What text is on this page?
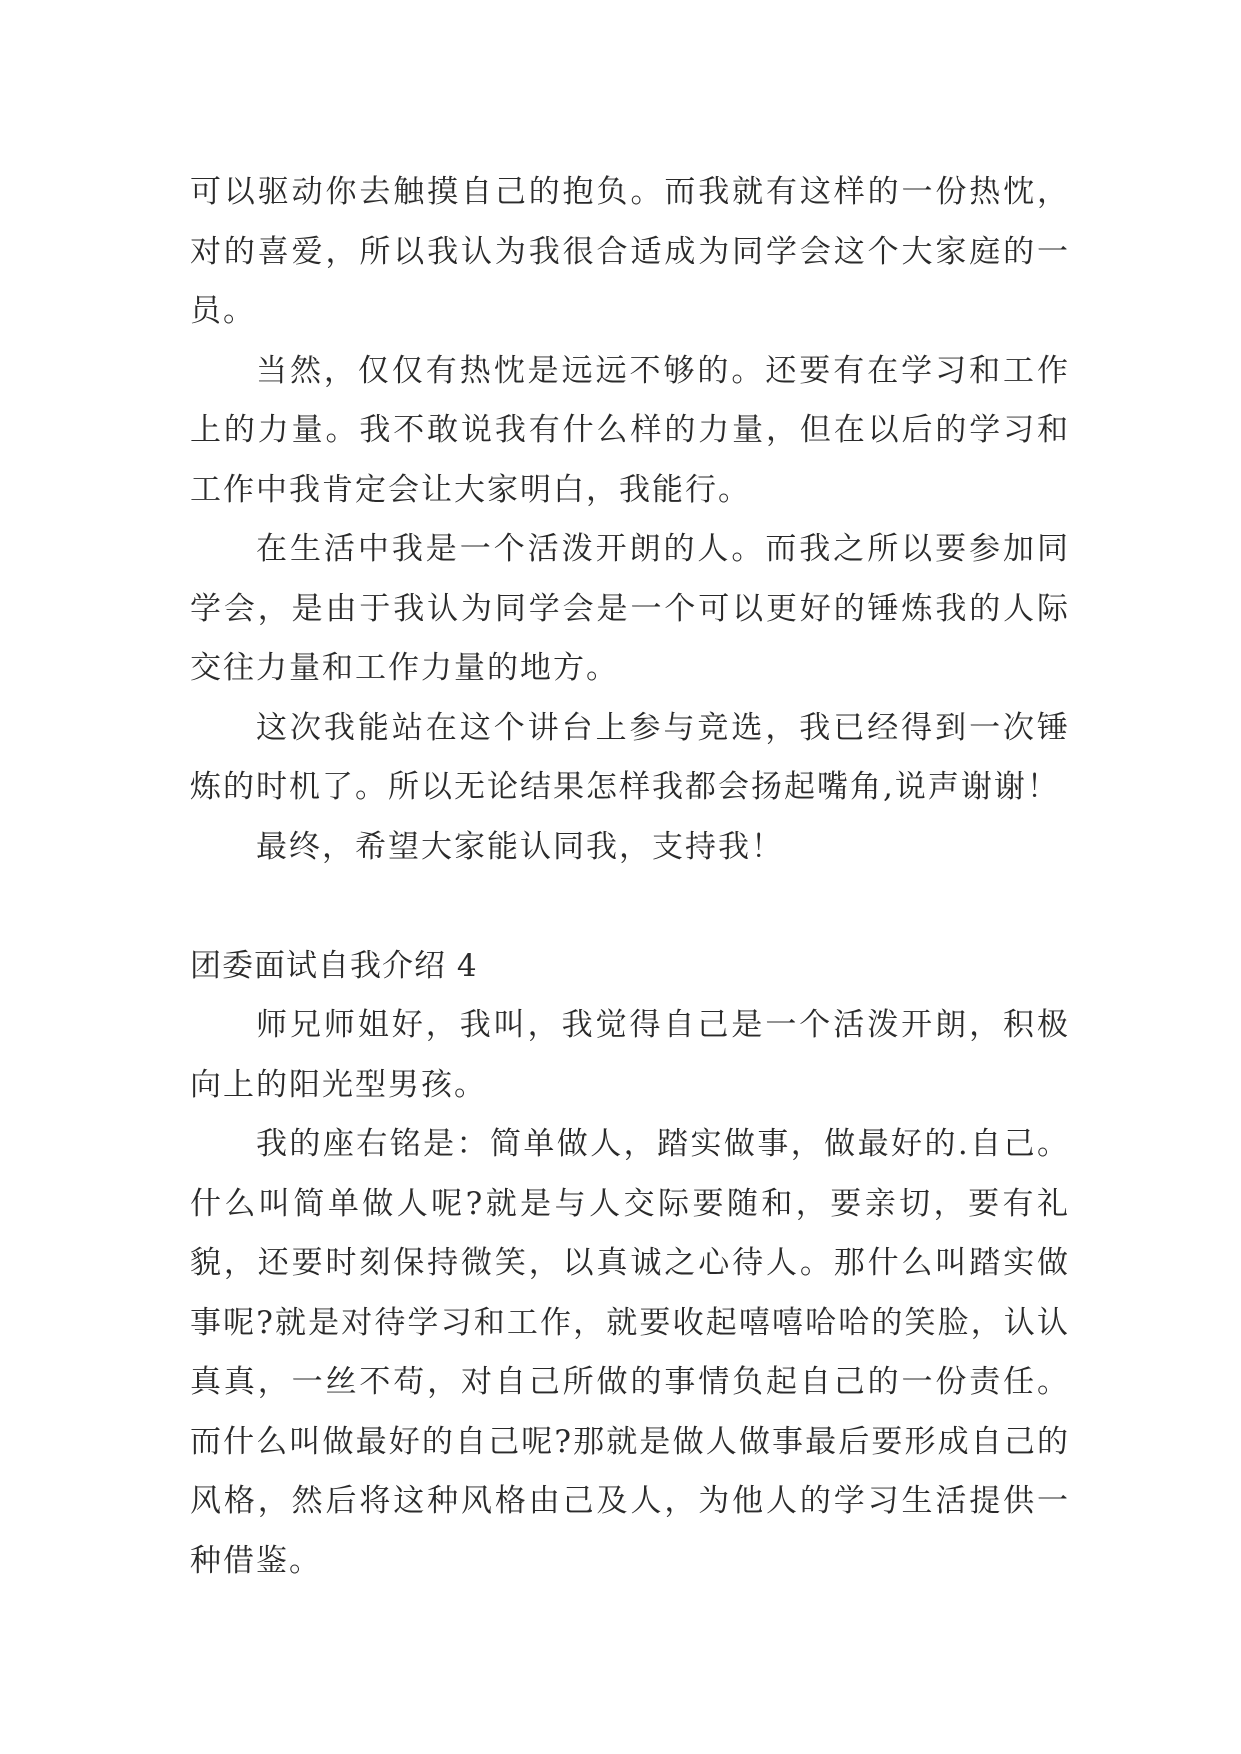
可以驱动你去触摸自己的抱负。而我就有这样的一份热忱，对的喜爱，所以我认为我很合适成为同学会这个大家庭的一员。

当然，仅仅有热忱是远远不够的。还要有在学习和工作上的力量。我不敢说我有什么样的力量，但在以后的学习和工作中我肯定会让大家明白，我能行。

在生活中我是一个活泼开朗的人。而我之所以要参加同学会，是由于我认为同学会是一个可以更好的锤炼我的人际交往力量和工作力量的地方。

这次我能站在这个讲台上参与竞选，我已经得到一次锤炼的时机了。所以无论结果怎样我都会扬起嘴角,说声谢谢！

最终，希望大家能认同我，支持我！

团委面试自我介绍 4

师兄师姐好，我叫，我觉得自己是一个活泼开朗，积极向上的阳光型男孩。

我的座右铭是：简单做人，踏实做事，做最好的.自己。什么叫简单做人呢?就是与人交际要随和，要亲切，要有礼貌，还要时刻保持微笑，以真诚之心待人。那什么叫踏实做事呢?就是对待学习和工作，就要收起嘻嘻哈哈的笑脸，认认真真，一丝不苟，对自己所做的事情负起自己的一份责任。而什么叫做最好的自己呢?那就是做人做事最后要形成自己的风格，然后将这种风格由己及人，为他人的学习生活提供一种借鉴。
